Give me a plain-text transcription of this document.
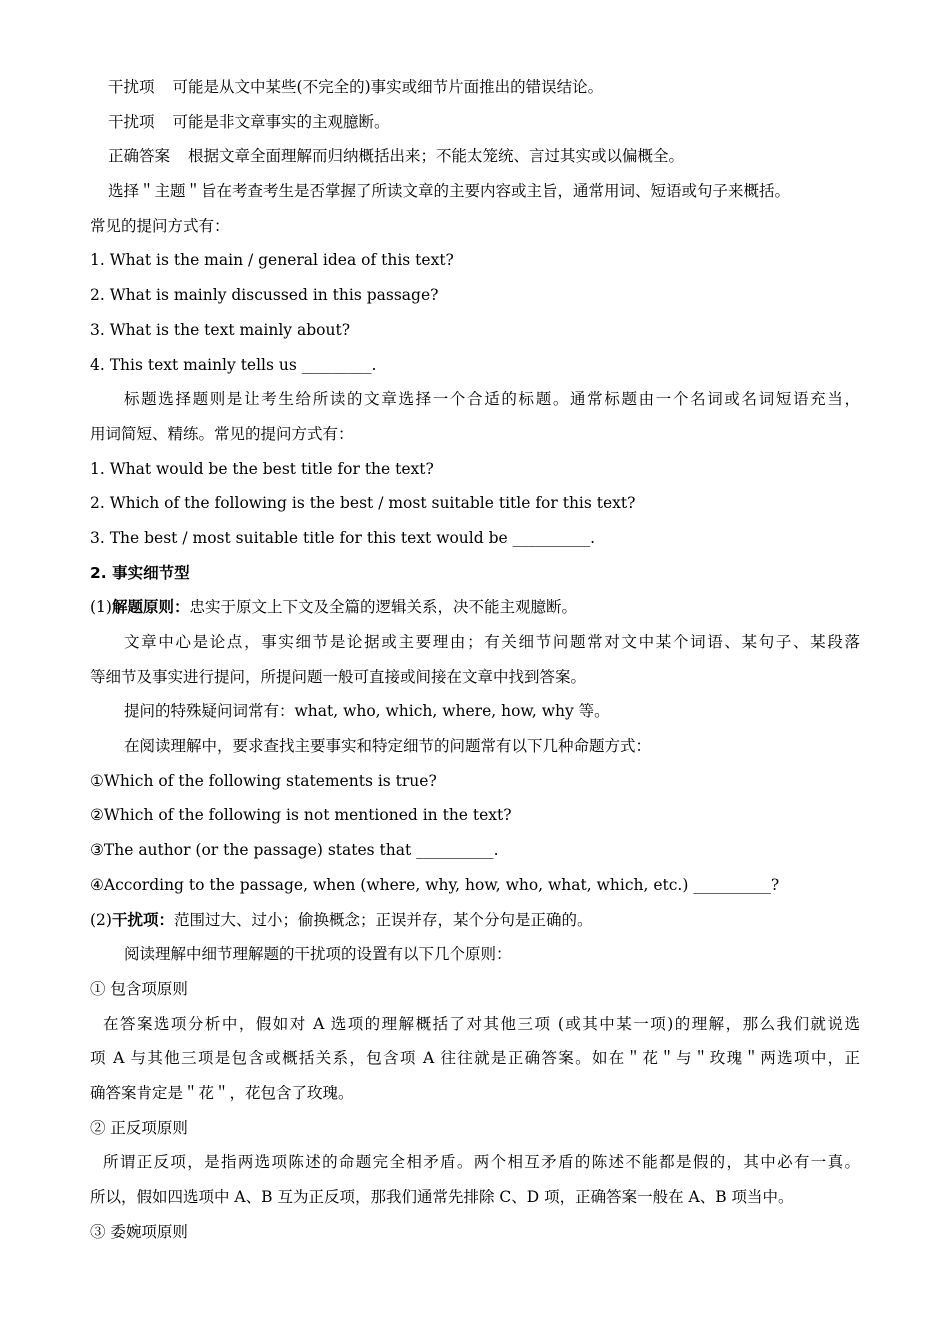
干扰项 可能是从文中某些(不完全的)事实或细节片面推出的错误结论。
干扰项 可能是非文章事实的主观臆断。
正确答案 根据文章全面理解而归纳概括出来；不能太笼统、言过其实或以偏概全。
选择＂主题＂旨在考查考生是否掌握了所读文章的主要内容或主旨，通常用词、短语或句子来概括。
常见的提问方式有：
1. What is the main / general idea of this text?
2. What is mainly discussed in this passage?
3. What is the text mainly about?
4. This text mainly tells us _________.
标题选择题则是让考生给所读的文章选择一个合适的标题。通常标题由一个名词或名词短语充当，
用词简短、精练。常见的提问方式有：
1. What would be the best title for the text?
2. Which of the following is the best / most suitable title for this text?
3. The best / most suitable title for this text would be __________.
2. 事实细节型
(1)解题原则：忠实于原文上下文及全篇的逻辑关系，决不能主观臆断。
文章中心是论点，事实细节是论据或主要理由；有关细节问题常对文中某个词语、某句子、某段落
等细节及事实进行提问，所提问题一般可直接或间接在文章中找到答案。
提问的特殊疑问词常有：what, who, which, where, how, why 等。
在阅读理解中，要求查找主要事实和特定细节的问题常有以下几种命题方式：
①Which of the following statements is true?
②Which of the following is not mentioned in the text?
③The author (or the passage) states that __________.
④According to the passage, when (where, why, how, who, what, which, etc.) __________?
(2)干扰项：范围过大、过小；偷换概念；正误并存，某个分句是正确的。
阅读理解中细节理解题的干扰项的设置有以下几个原则：
① 包含项原则
在答案选项分析中，假如对 A 选项的理解概括了对其他三项 (或其中某一项)的理解，那么我们就说选
项 A 与其他三项是包含或概括关系，包含项 A 往往就是正确答案。如在＂花＂与＂玫瑰＂两选项中，正
确答案肯定是＂花＂，花包含了玫瑰。
② 正反项原则
所谓正反项，是指两选项陈述的命题完全相矛盾。两个相互矛盾的陈述不能都是假的，其中必有一真。
所以，假如四选项中 A、B 互为正反项，那我们通常先排除 C、D 项，正确答案一般在 A、B 项当中。
③ 委婉项原则
